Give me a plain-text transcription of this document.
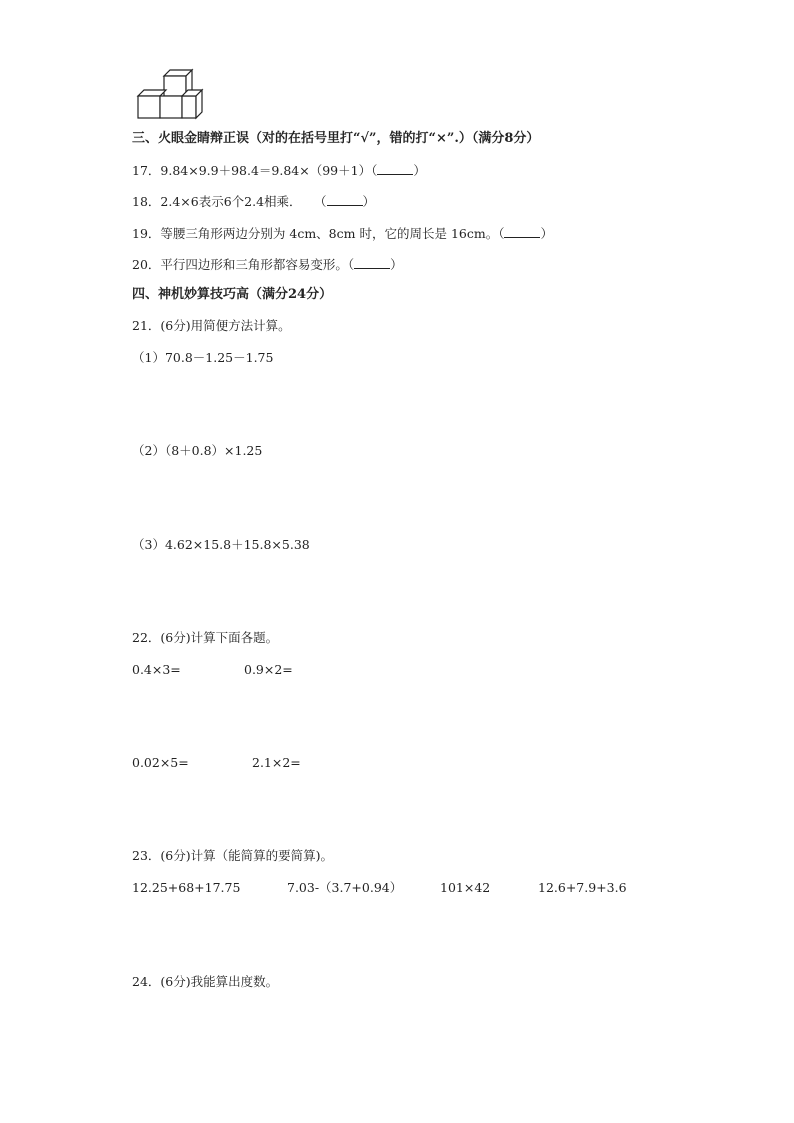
三、火眼金睛辩正误（对的在括号里打“√”，错的打“×”.）（满分8分）
17．9.84×9.9＋98.4＝9.84×（99＋1）（	）
18．2.4×6表示6个2.4相乘．　　（	）
19．等腰三角形两边分别为 4cm、8cm 时，它的周长是 16cm。（	）
20．平行四边形和三角形都容易变形。（	）
四、神机妙算技巧高（满分24分）
21．(6分)用简便方法计算。
（1）70.8－1.25－1.75
（2）（8＋0.8）×1.25
（3）4.62×15.8＋15.8×5.38
22．(6分)计算下面各题。
0.4×3=	0.9×2=
0.02×5=	2.1×2=
23．(6分)计算（能简算的要简算)。
12.25+68+17.75	7.03-（3.7+0.94）	101×42	12.6+7.9+3.6
24．(6分)我能算出度数。
